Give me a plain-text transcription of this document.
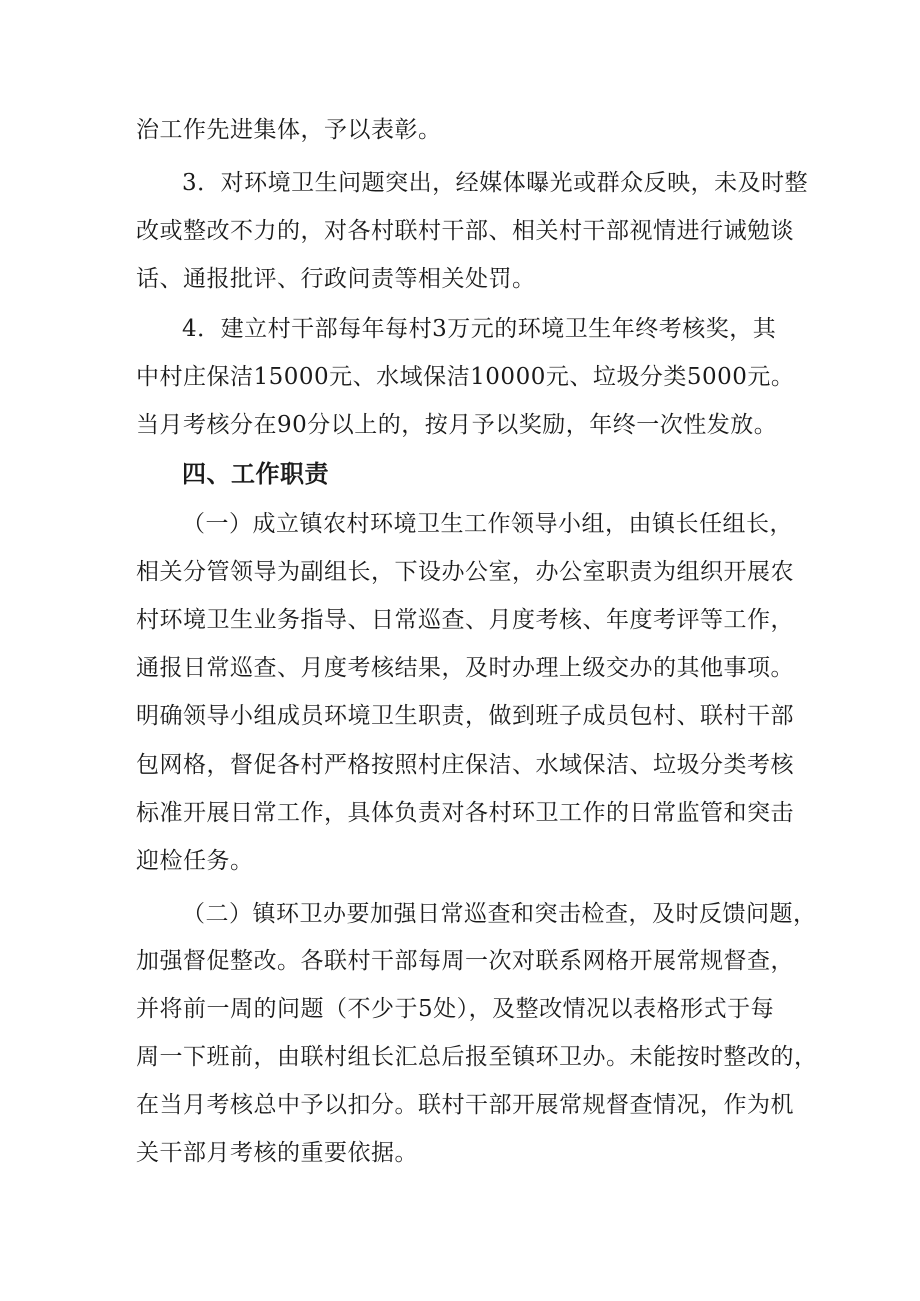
治工作先进集体，予以表彰。
3．对环境卫生问题突出，经媒体曝光或群众反映，未及时整
改或整改不力的，对各村联村干部、相关村干部视情进行诫勉谈
话、通报批评、行政问责等相关处罚。
4．建立村干部每年每村3万元的环境卫生年终考核奖，其
中村庄保洁15000元、水域保洁10000元、垃圾分类5000元。
当月考核分在90分以上的，按月予以奖励，年终一次性发放。
四、工作职责
（一）成立镇农村环境卫生工作领导小组，由镇长任组长，
相关分管领导为副组长，下设办公室，办公室职责为组织开展农
村环境卫生业务指导、日常巡查、月度考核、年度考评等工作，
通报日常巡查、月度考核结果，及时办理上级交办的其他事项。
明确领导小组成员环境卫生职责，做到班子成员包村、联村干部
包网格，督促各村严格按照村庄保洁、水域保洁、垃圾分类考核
标准开展日常工作，具体负责对各村环卫工作的日常监管和突击
迎检任务。
（二）镇环卫办要加强日常巡查和突击检查，及时反馈问题，
加强督促整改。各联村干部每周一次对联系网格开展常规督查，
并将前一周的问题（不少于5处），及整改情况以表格形式于每
周一下班前，由联村组长汇总后报至镇环卫办。未能按时整改的，
在当月考核总中予以扣分。联村干部开展常规督查情况，作为机
关干部月考核的重要依据。
